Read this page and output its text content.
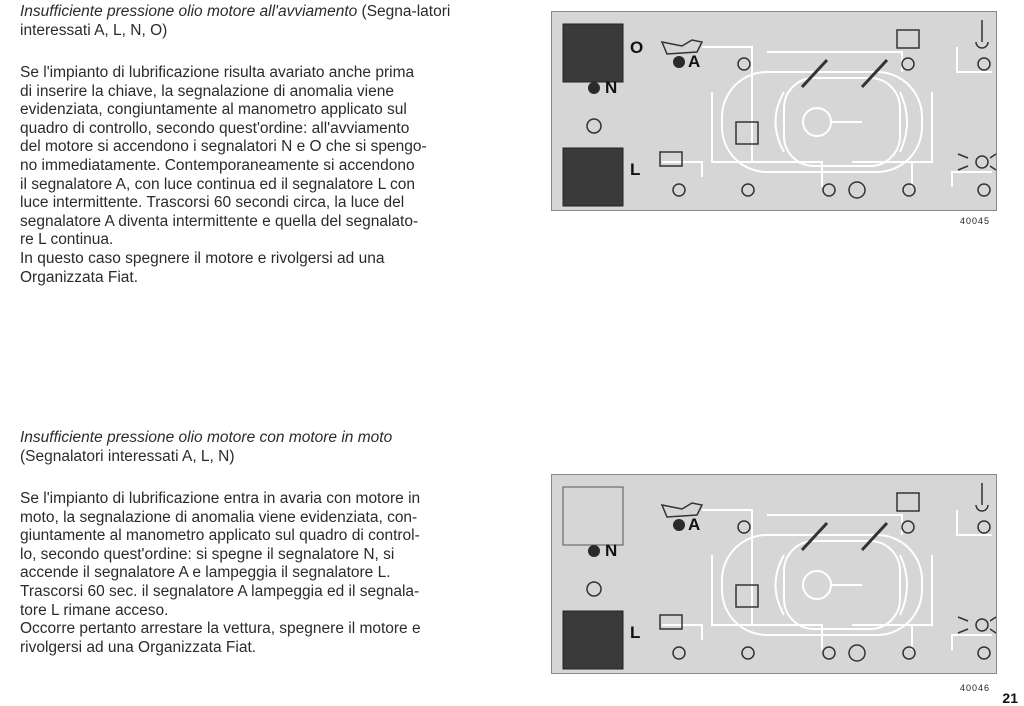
Insufficiente pressione olio motore all'avviamento (Segna-latori interessati A, L, N, O)

Se l'impianto di lubrificazione risulta avariato anche prima
di inserire la chiave, la segnalazione di anomalia viene
evidenziata, congiuntamente al manometro applicato sul
quadro di controllo, secondo quest'ordine: all'avviamento
del motore si accendono i segnalatori N e O che si spengo-
no immediatamente. Contemporaneamente si accendono
il segnalatore A, con luce continua ed il segnalatore L con
luce intermittente. Trascorsi 60 secondi circa, la luce del
segnalatore A diventa intermittente e quella del segnalato-
re L continua.
In questo caso spegnere il motore e rivolgersi ad una
Organizzata Fiat.

Insufficiente pressione olio motore con motore in moto
(Segnalatori interessati A, L, N)

Se l'impianto di lubrificazione entra in avaria con motore in
moto, la segnalazione di anomalia viene evidenziata, con-
giuntamente al manometro applicato sul quadro di control-
lo, secondo quest'ordine: si spegne il segnalatore N, si
accende il segnalatore A e lampeggia il segnalatore L.
Trascorsi 60 sec. il segnalatore A lampeggia ed il segnala-
tore L rimane acceso.
Occorre pertanto arrestare la vettura, spegnere il motore e
rivolgersi ad una Organizzata Fiat.
O
A
N
L
40045
A
N
L
40046
21
